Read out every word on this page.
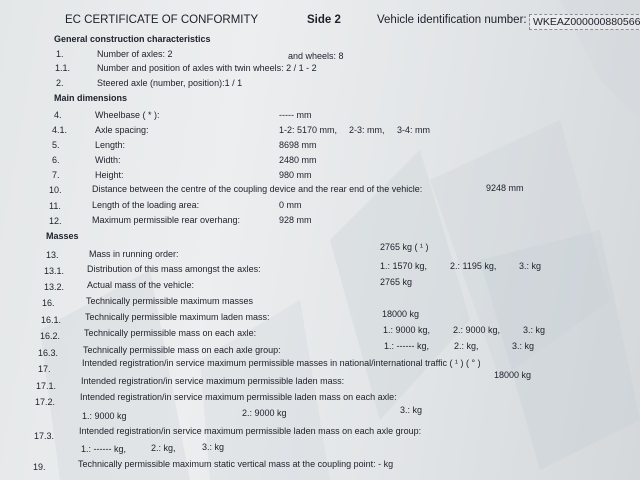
EC CERTIFICATE OF CONFORMITY	Side 2	Vehicle identification number: WKEAZ000000880566
General construction characteristics
1.	Number of axles: 2	and wheels: 8
1.1.	Number and position of axles with twin wheels: 2 / 1 - 2
2.	Steered axle (number, position):1 / 1
Main dimensions
4.	Wheelbase ( * ):	----- mm
4.1.	Axle spacing:	1-2: 5170 mm, 2-3: mm, 3-4: mm
5.	Length:	8698 mm
6.	Width:	2480 mm
7.	Height:	980 mm
10.	Distance between the centre of the coupling device and the rear end of the vehicle:	9248 mm
11.	Length of the loading area:	0 mm
12.	Maximum permissible rear overhang:	928 mm
Masses
13.	Mass in running order:
2765 kg ( ¹ )
13.1.	Distribution of this mass amongst the axles:	1.: 1570 kg,	2.: 1195 kg,	3.: kg
13.2.	Actual mass of the vehicle:	2765 kg
16.	Technically permissible maximum masses
16.1.	Technically permissible maximum laden mass:	18000 kg
16.2.	Technically permissible mass on each axle:	1.: 9000 kg,	2.: 9000 kg,	3.: kg
16.3.	Technically permissible mass on each axle group:	1.: ------ kg,	2.: kg,	3.: kg
17.
Intended registration/in service maximum permissible masses in national/international traffic ( ¹ ) ( ° )
17.1.	Intended registration/in service maximum permissible laden mass:
18000 kg
17.2.	Intended registration/in service maximum permissible laden mass on each axle:
1.: 9000 kg	2.: 9000 kg	3.: kg
17.3.	Intended registration/in service maximum permissible laden mass on each axle group:
1.: ------ kg,	2.: kg,	3.: kg
19.	Technically permissible maximum static vertical mass at the coupling point: - kg
